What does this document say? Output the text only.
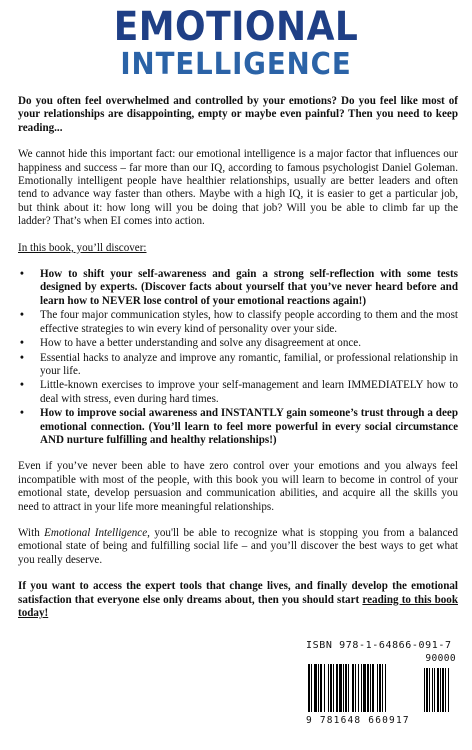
EMOTIONAL
INTELLIGENCE

Do you often feel overwhelmed and controlled by your emotions? Do you feel like most of your relationships are disappointing, empty or maybe even painful? Then you need to keep reading...

We cannot hide this important fact: our emotional intelligence is a major factor that influences our happiness and success – far more than our IQ, according to famous psychologist Daniel Goleman. Emotionally intelligent people have healthier relationships, usually are better leaders and often tend to advance way faster than others. Maybe with a high IQ, it is easier to get a particular job, but think about it: how long will you be doing that job? Will you be able to climb far up the ladder? That’s when EI comes into action.

In this book, you’ll discover:

• How to shift your self-awareness and gain a strong self-reflection with some tests designed by experts. (Discover facts about yourself that you’ve never heard before and learn how to NEVER lose control of your emotional reactions again!)
• The four major communication styles, how to classify people according to them and the most effective strategies to win every kind of personality over your side.
• How to have a better understanding and solve any disagreement at once.
• Essential hacks to analyze and improve any romantic, familial, or professional relationship in your life.
• Little-known exercises to improve your self-management and learn IMMEDIATELY how to deal with stress, even during hard times.
• How to improve social awareness and INSTANTLY gain someone’s trust through a deep emotional connection. (You’ll learn to feel more powerful in every social circumstance AND nurture fulfilling and healthy relationships!)

Even if you’ve never been able to have zero control over your emotions and you always feel incompatible with most of the people, with this book you will learn to become in control of your emotional state, develop persuasion and communication abilities, and acquire all the skills you need to attract in your life more meaningful relationships.

With Emotional Intelligence, you'll be able to recognize what is stopping you from a balanced emotional state of being and fulfilling social life – and you’ll discover the best ways to get what you really deserve.

If you want to access the expert tools that change lives, and finally develop the emotional satisfaction that everyone else only dreams about, then you should start reading to this book today!

ISBN 978-1-64866-091-7
90000
9 781648 660917
